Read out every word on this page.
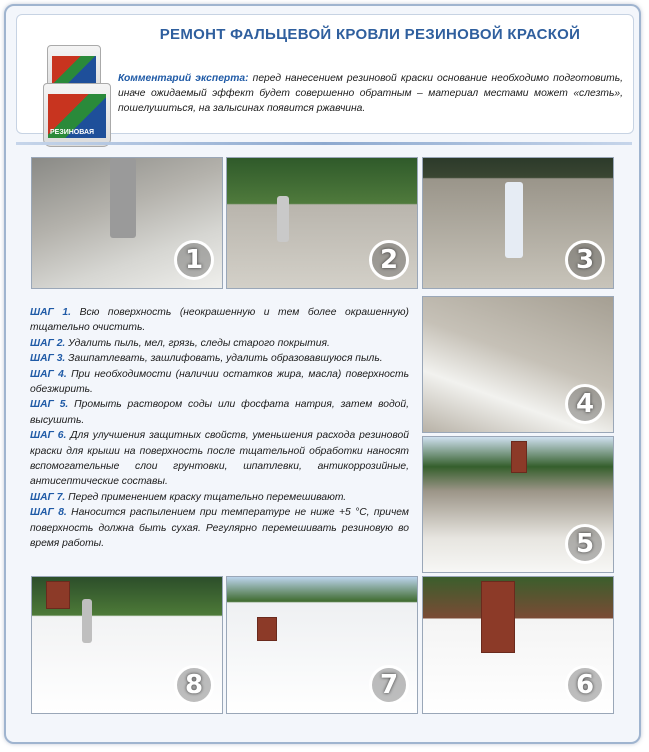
РЕЗИНОВАЯ
РЕМОНТ ФАЛЬЦЕВОЙ КРОВЛИ РЕЗИНОВОЙ КРАСКОЙ
Комментарий эксперта: перед нанесением резиновой краски основание необходимо подготовить, иначе ожидаемый эффект будет совершенно обратным – материал местами может «слезть», пошелушиться, на залысинах появится ржавчина.
1	2	3
4
5
8	7	6

ШАГ 1. Всю поверхность (неокрашенную и тем более окрашенную) тщательно очистить.

ШАГ 2. Удалить пыль, мел, грязь, следы старого покрытия.

ШАГ 3. Зашпатлевать, зашлифовать, удалить образовавшуюся пыль.

ШАГ 4. При необходимости (наличии остатков жира, масла) поверхность обезжирить.

ШАГ 5. Промыть раствором соды или фосфата натрия, затем водой, высушить.

ШАГ 6. Для улучшения защитных свойств, уменьшения расхода резиновой краски для крыши на поверхность после тщательной обработки наносят вспомогательные слои грунтовки, шпатлевки, антикоррозийные, антисептические составы.

ШАГ 7. Перед применением краску тщательно перемешивают.

ШАГ 8. Наносится распылением при температуре не ниже +5 °С, причем поверхность должна быть сухая. Регулярно перемешивать резиновую во время работы.
